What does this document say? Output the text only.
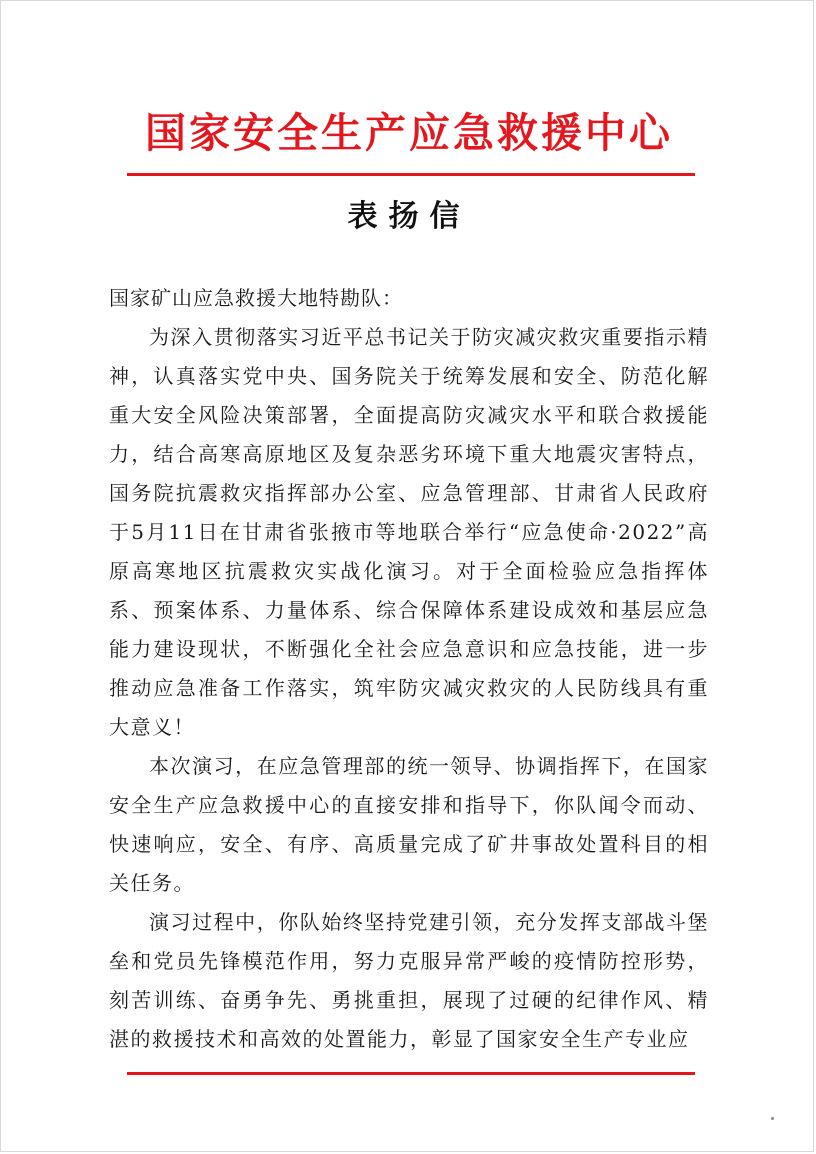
国家安全生产应急救援中心
表扬信

国家矿山应急救援大地特勘队：

为深入贯彻落实习近平总书记关于防灾减灾救灾重要指示精神，认真落实党中央、国务院关于统筹发展和安全、防范化解重大安全风险决策部署，全面提高防灾减灾水平和联合救援能力，结合高寒高原地区及复杂恶劣环境下重大地震灾害特点，国务院抗震救灾指挥部办公室、应急管理部、甘肃省人民政府于5月11日在甘肃省张掖市等地联合举行“应急使命·2022”高原高寒地区抗震救灾实战化演习。对于全面检验应急指挥体系、预案体系、力量体系、综合保障体系建设成效和基层应急能力建设现状，不断强化全社会应急意识和应急技能，进一步推动应急准备工作落实，筑牢防灾减灾救灾的人民防线具有重大意义！

本次演习，在应急管理部的统一领导、协调指挥下，在国家安全生产应急救援中心的直接安排和指导下，你队闻令而动、快速响应，安全、有序、高质量完成了矿井事故处置科目的相关任务。

演习过程中，你队始终坚持党建引领，充分发挥支部战斗堡垒和党员先锋模范作用，努力克服异常严峻的疫情防控形势，刻苦训练、奋勇争先、勇挑重担，展现了过硬的纪律作风、精湛的救援技术和高效的处置能力，彰显了国家安全生产专业应
